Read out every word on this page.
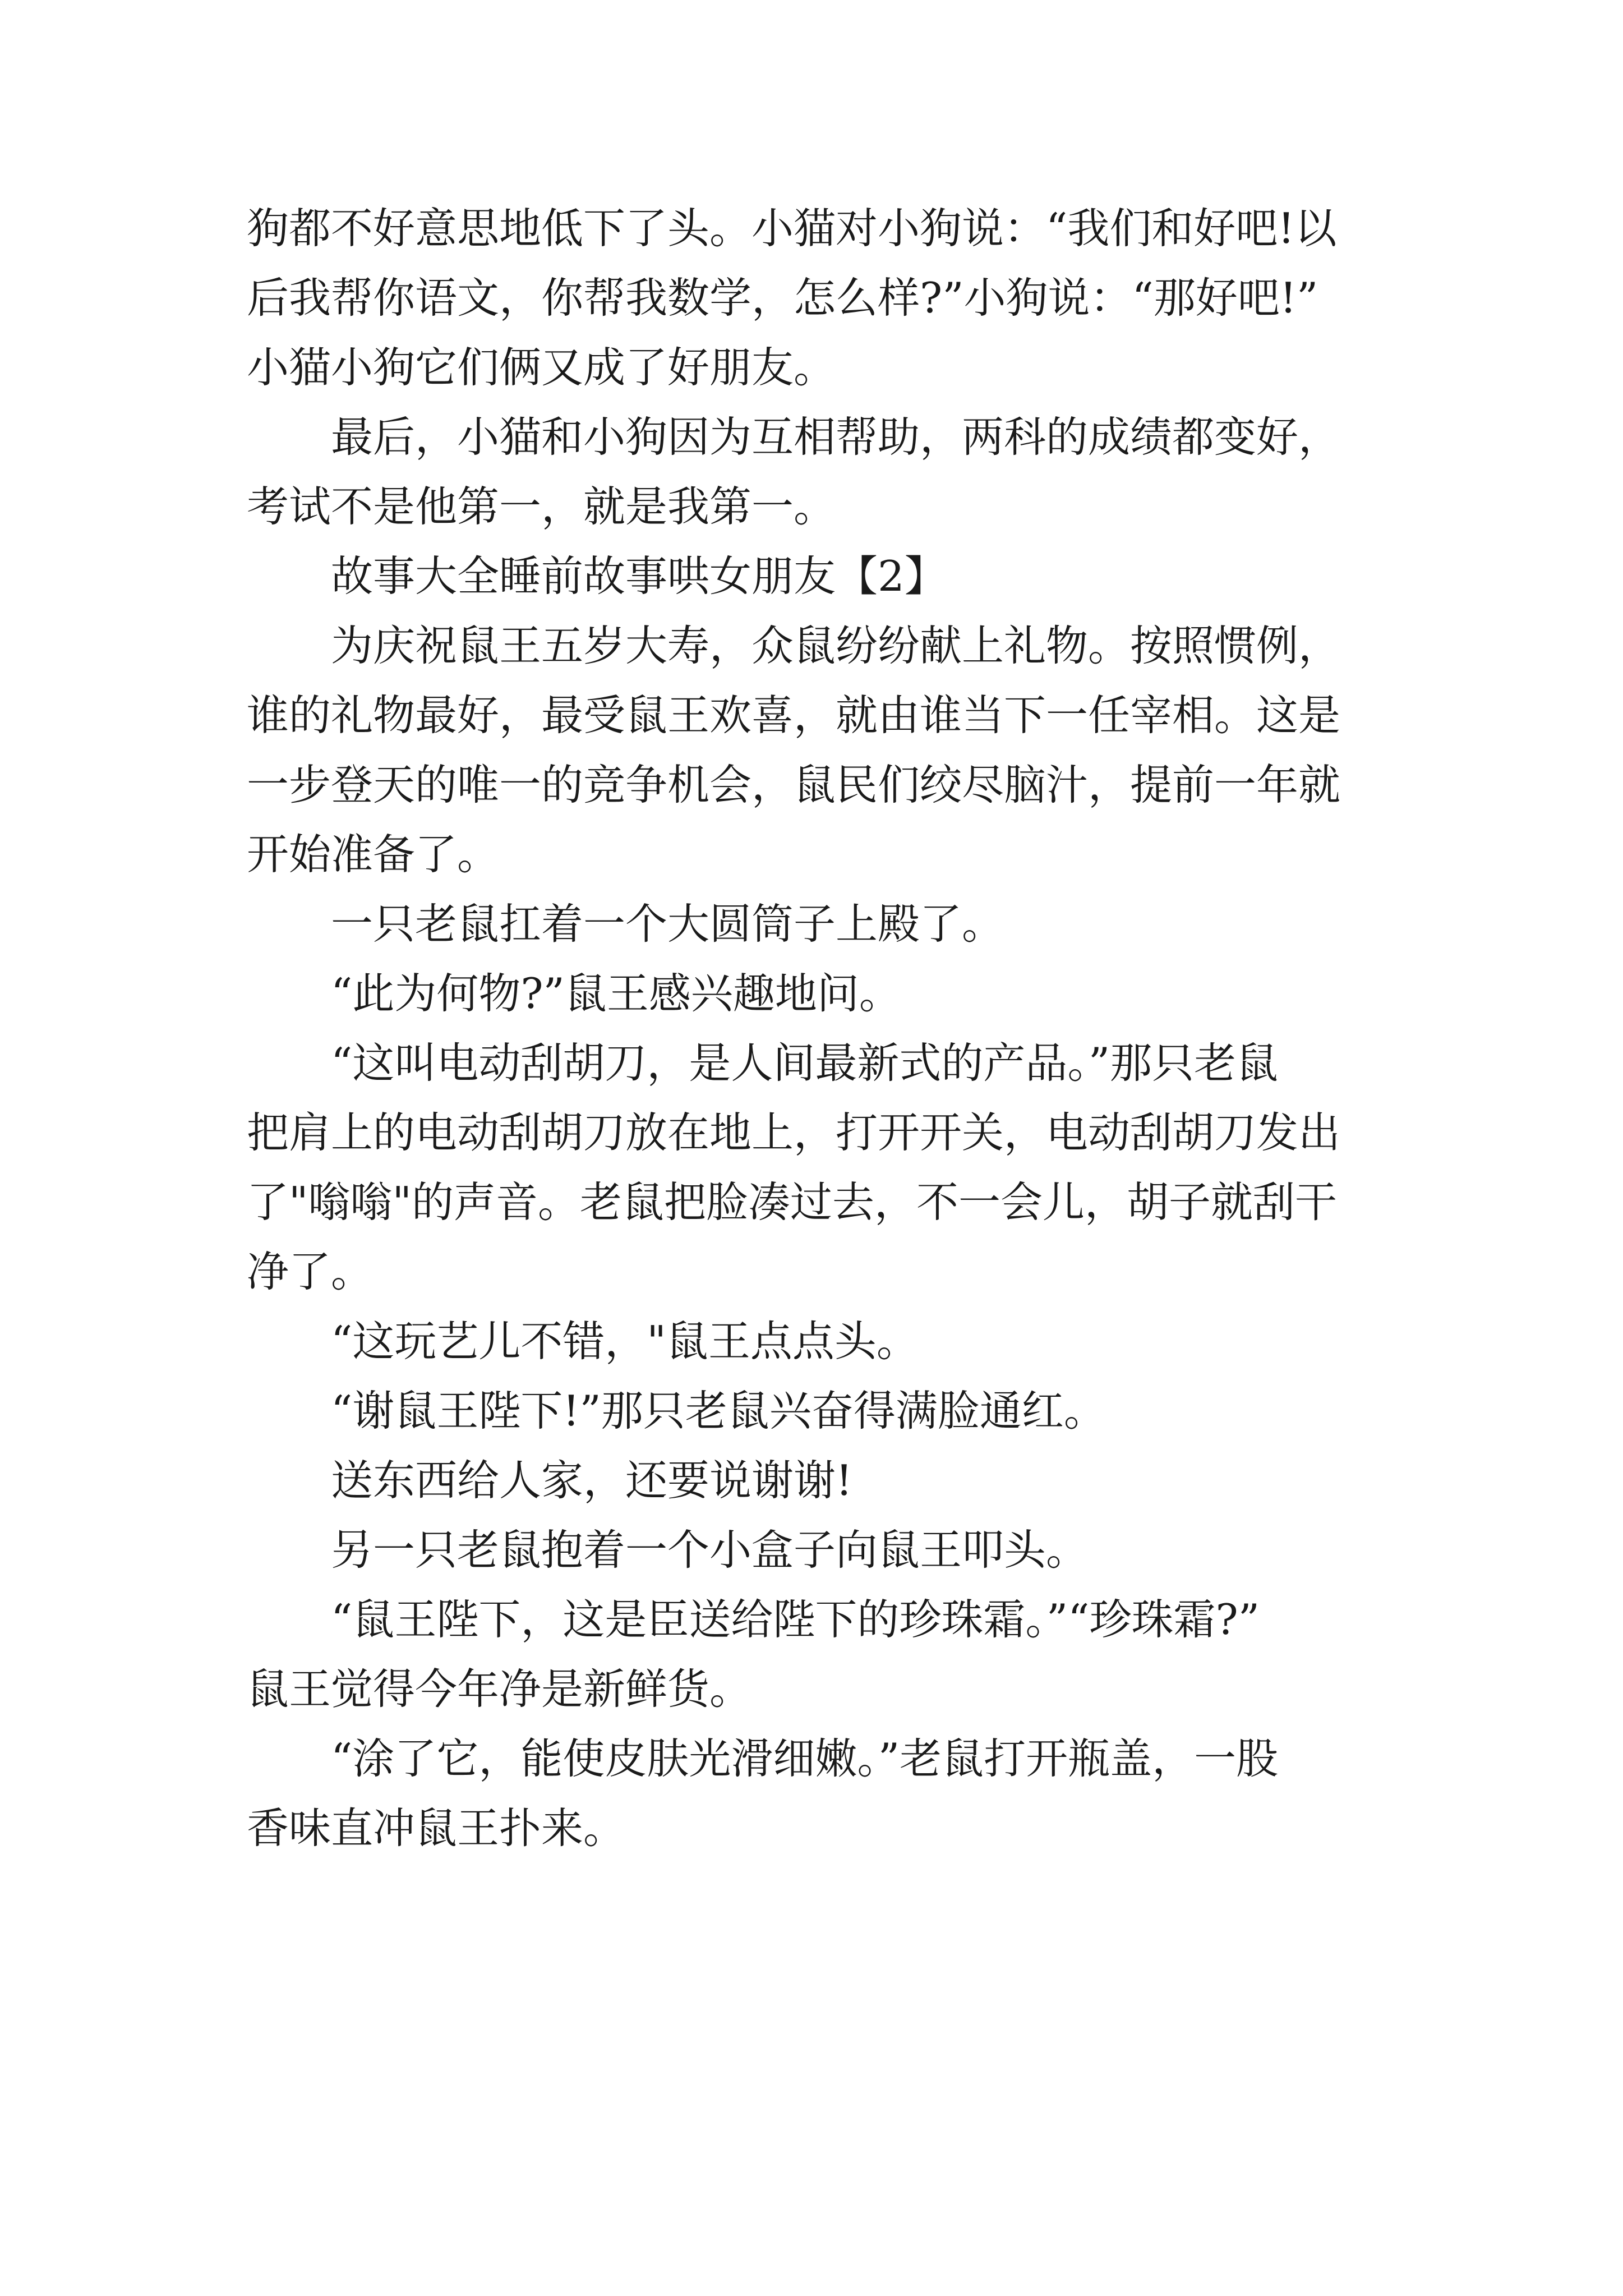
狗都不好意思地低下了头。小猫对小狗说：“我们和好吧!以

后我帮你语文，你帮我数学，怎么样?”小狗说：“那好吧!”

小猫小狗它们俩又成了好朋友。

　　最后，小猫和小狗因为互相帮助，两科的成绩都变好，

考试不是他第一，就是我第一。

　　故事大全睡前故事哄女朋友【2】

　　为庆祝鼠王五岁大寿，众鼠纷纷献上礼物。按照惯例，

谁的礼物最好，最受鼠王欢喜，就由谁当下一任宰相。这是

一步登天的唯一的竞争机会，鼠民们绞尽脑汁，提前一年就

开始准备了。

　　一只老鼠扛着一个大圆筒子上殿了。

　　“此为何物?”鼠王感兴趣地问。

　　“这叫电动刮胡刀，是人间最新式的产品。”那只老鼠

把肩上的电动刮胡刀放在地上，打开开关，电动刮胡刀发出

了"嗡嗡"的声音。老鼠把脸凑过去，不一会儿，胡子就刮干

净了。

　　“这玩艺儿不错，"鼠王点点头。

　　“谢鼠王陛下!”那只老鼠兴奋得满脸通红。

　　送东西给人家，还要说谢谢!

　　另一只老鼠抱着一个小盒子向鼠王叩头。

　　“鼠王陛下，这是臣送给陛下的珍珠霜。”“珍珠霜?”

鼠王觉得今年净是新鲜货。

　　“涂了它，能使皮肤光滑细嫩。”老鼠打开瓶盖，一股

香味直冲鼠王扑来。
